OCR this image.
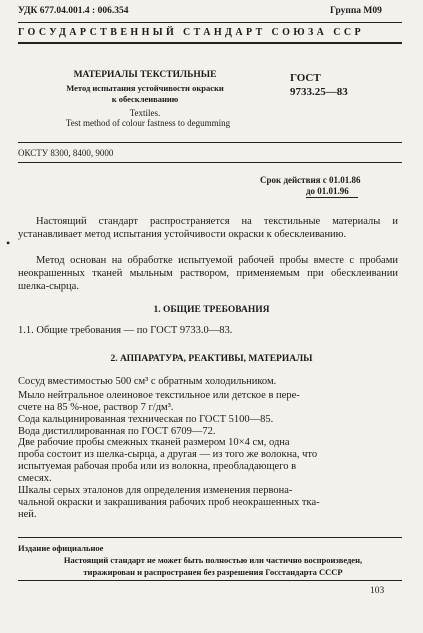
УДК 677.04.001.4 : 006.354	Группа М09
ГОСУДАРСТВЕННЫЙ СТАНДАРТ СОЮЗА ССР
МАТЕРИАЛЫ ТЕКСТИЛЬНЫЕ
Метод испытания устойчивости окраски
к обесклеиванию
Textiles.
Test method of colour fastness to degumming
ГОСТ
9733.25—83
ОКСТУ 8300, 8400, 9000
Срок действия с 01.01.86
до 01.01.96
•
Настоящий стандарт распространяется на текстильные материалы и устанавливает метод испытания устойчивости окраски к обесклеиванию.
Метод основан на обработке испытуемой рабочей пробы вместе с пробами неокрашенных тканей мыльным раствором, применяемым при обесклеивании шелка-сырца.
1. ОБЩИЕ ТРЕБОВАНИЯ
1.1. Общие требования — по ГОСТ 9733.0—83.
2. АППАРАТУРА, РЕАКТИВЫ, МАТЕРИАЛЫ
Сосуд вместимостью 500 см³ с обратным холодильником.
Мыло нейтральное олеиновое текстильное или детское в пере-
счете на 85 %-ное, раствор 7 г/дм³.
Сода кальцинированная техническая по ГОСТ 5100—85.
Вода дистиллированная по ГОСТ 6709—72.
Две рабочие пробы смежных тканей размером 10×4 см, одна
проба состоит из шелка-сырца, а другая — из того же волокна, что
испытуемая рабочая проба или из волокна, преобладающего в
смесях.
Шкалы серых эталонов для определения изменения первона-
чальной окраски и закрашивания рабочих проб неокрашенных тка-
ней.
Издание официальное
Настоящий стандарт не может быть полностью или частично воспроизведен,
тиражирован и распространен без разрешения Госстандарта СССР
103
